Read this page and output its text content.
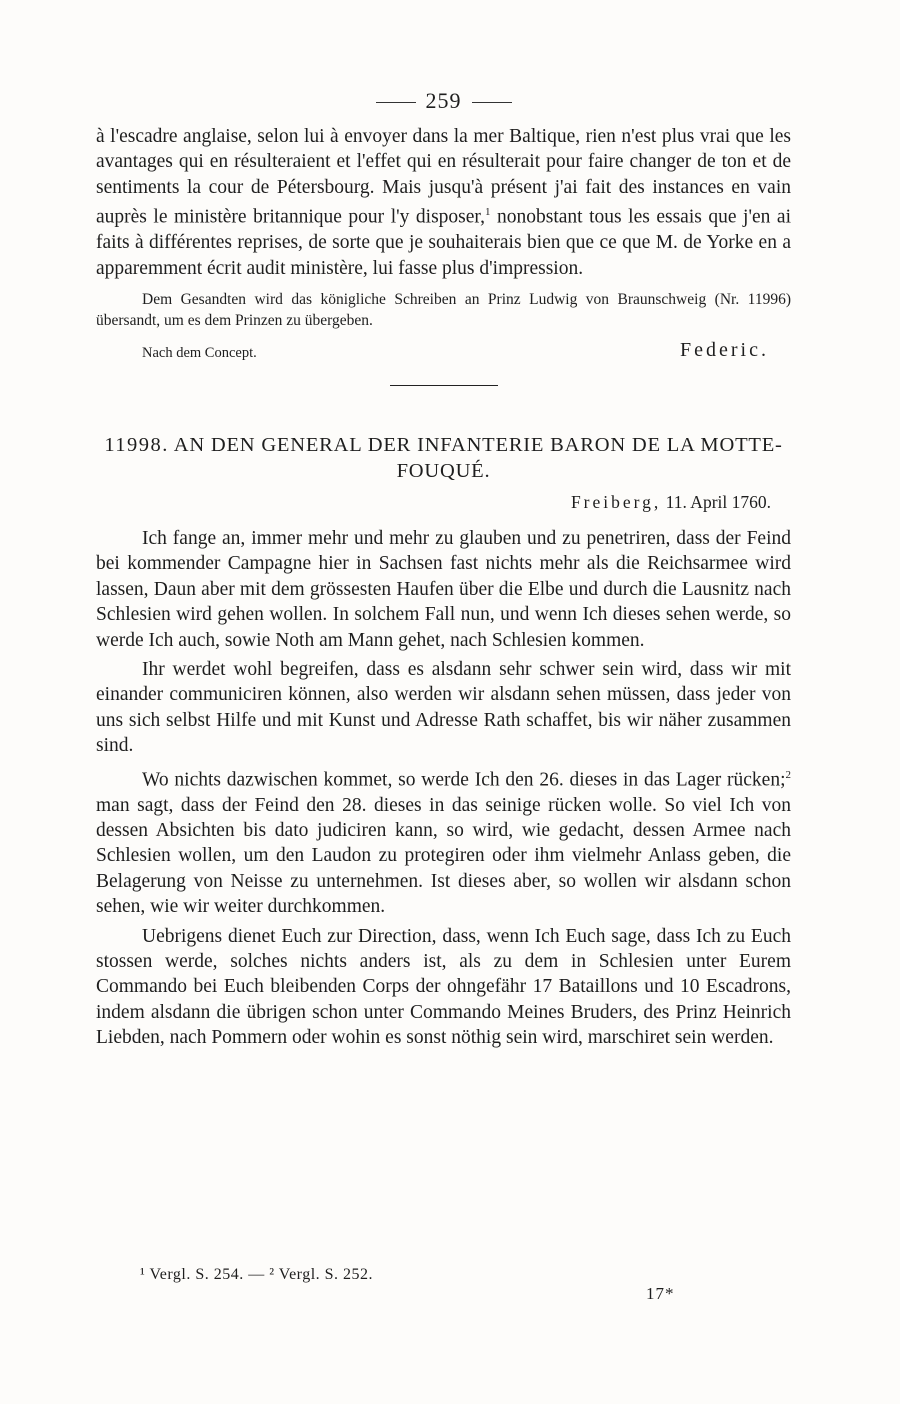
259

à l'escadre anglaise, selon lui à envoyer dans la mer Baltique, rien n'est plus vrai que les avantages qui en résulteraient et l'effet qui en résulterait pour faire changer de ton et de sentiments la cour de Pétersbourg. Mais jusqu'à présent j'ai fait des instances en vain auprès le ministère britannique pour l'y disposer,$^1$ nonobstant tous les essais que j'en ai faits à différentes reprises, de sorte que je souhaiterais bien que ce que M. de Yorke en a apparemment écrit audit ministère, lui fasse plus d'impression.

Dem Gesandten wird das königliche Schreiben an Prinz Ludwig von Braunschweig (Nr. 11996) übersandt, um es dem Prinzen zu übergeben.

Nach dem Concept.	Federic.
11998. AN DEN GENERAL DER INFANTERIE BARON DE LA MOTTE-FOUQUÉ.
Freiberg, 11. April 1760.

Ich fange an, immer mehr und mehr zu glauben und zu penetriren, dass der Feind bei kommender Campagne hier in Sachsen fast nichts mehr als die Reichsarmee wird lassen, Daun aber mit dem grössesten Haufen über die Elbe und durch die Lausnitz nach Schlesien wird gehen wollen. In solchem Fall nun, und wenn Ich dieses sehen werde, so werde Ich auch, sowie Noth am Mann gehet, nach Schlesien kommen.

Ihr werdet wohl begreifen, dass es alsdann sehr schwer sein wird, dass wir mit einander communiciren können, also werden wir alsdann sehen müssen, dass jeder von uns sich selbst Hilfe und mit Kunst und Adresse Rath schaffet, bis wir näher zusammen sind.

Wo nichts dazwischen kommet, so werde Ich den 26. dieses in das Lager rücken;$^2$ man sagt, dass der Feind den 28. dieses in das seinige rücken wolle. So viel Ich von dessen Absichten bis dato judiciren kann, so wird, wie gedacht, dessen Armee nach Schlesien wollen, um den Laudon zu protegiren oder ihm vielmehr Anlass geben, die Belagerung von Neisse zu unternehmen. Ist dieses aber, so wollen wir alsdann schon sehen, wie wir weiter durchkommen.

Uebrigens dienet Euch zur Direction, dass, wenn Ich Euch sage, dass Ich zu Euch stossen werde, solches nichts anders ist, als zu dem in Schlesien unter Eurem Commando bei Euch bleibenden Corps der ohngefähr 17 Bataillons und 10 Escadrons, indem alsdann die übrigen schon unter Commando Meines Bruders, des Prinz Heinrich Liebden, nach Pommern oder wohin es sonst nöthig sein wird, marschiret sein werden.

¹ Vergl. S. 254. — ² Vergl. S. 252.
17*
